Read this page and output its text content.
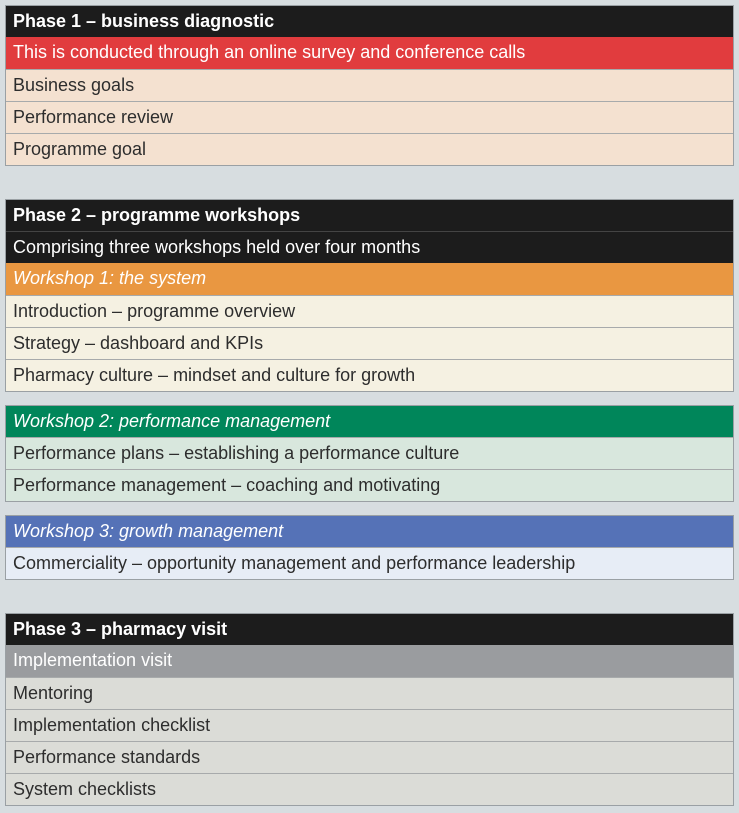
Phase 1 – business diagnostic
This is conducted through an online survey and conference calls
Business goals
Performance review
Programme goal
Phase 2 – programme workshops
Comprising three workshops held over four months
Workshop 1: the system
Introduction – programme overview
Strategy – dashboard and KPIs
Pharmacy culture – mindset and culture for growth
Workshop 2: performance management
Performance plans – establishing a performance culture
Performance management – coaching and motivating
Workshop 3: growth management
Commerciality – opportunity management and performance leadership
Phase 3 – pharmacy visit
Implementation visit
Mentoring
Implementation checklist
Performance standards
System checklists
